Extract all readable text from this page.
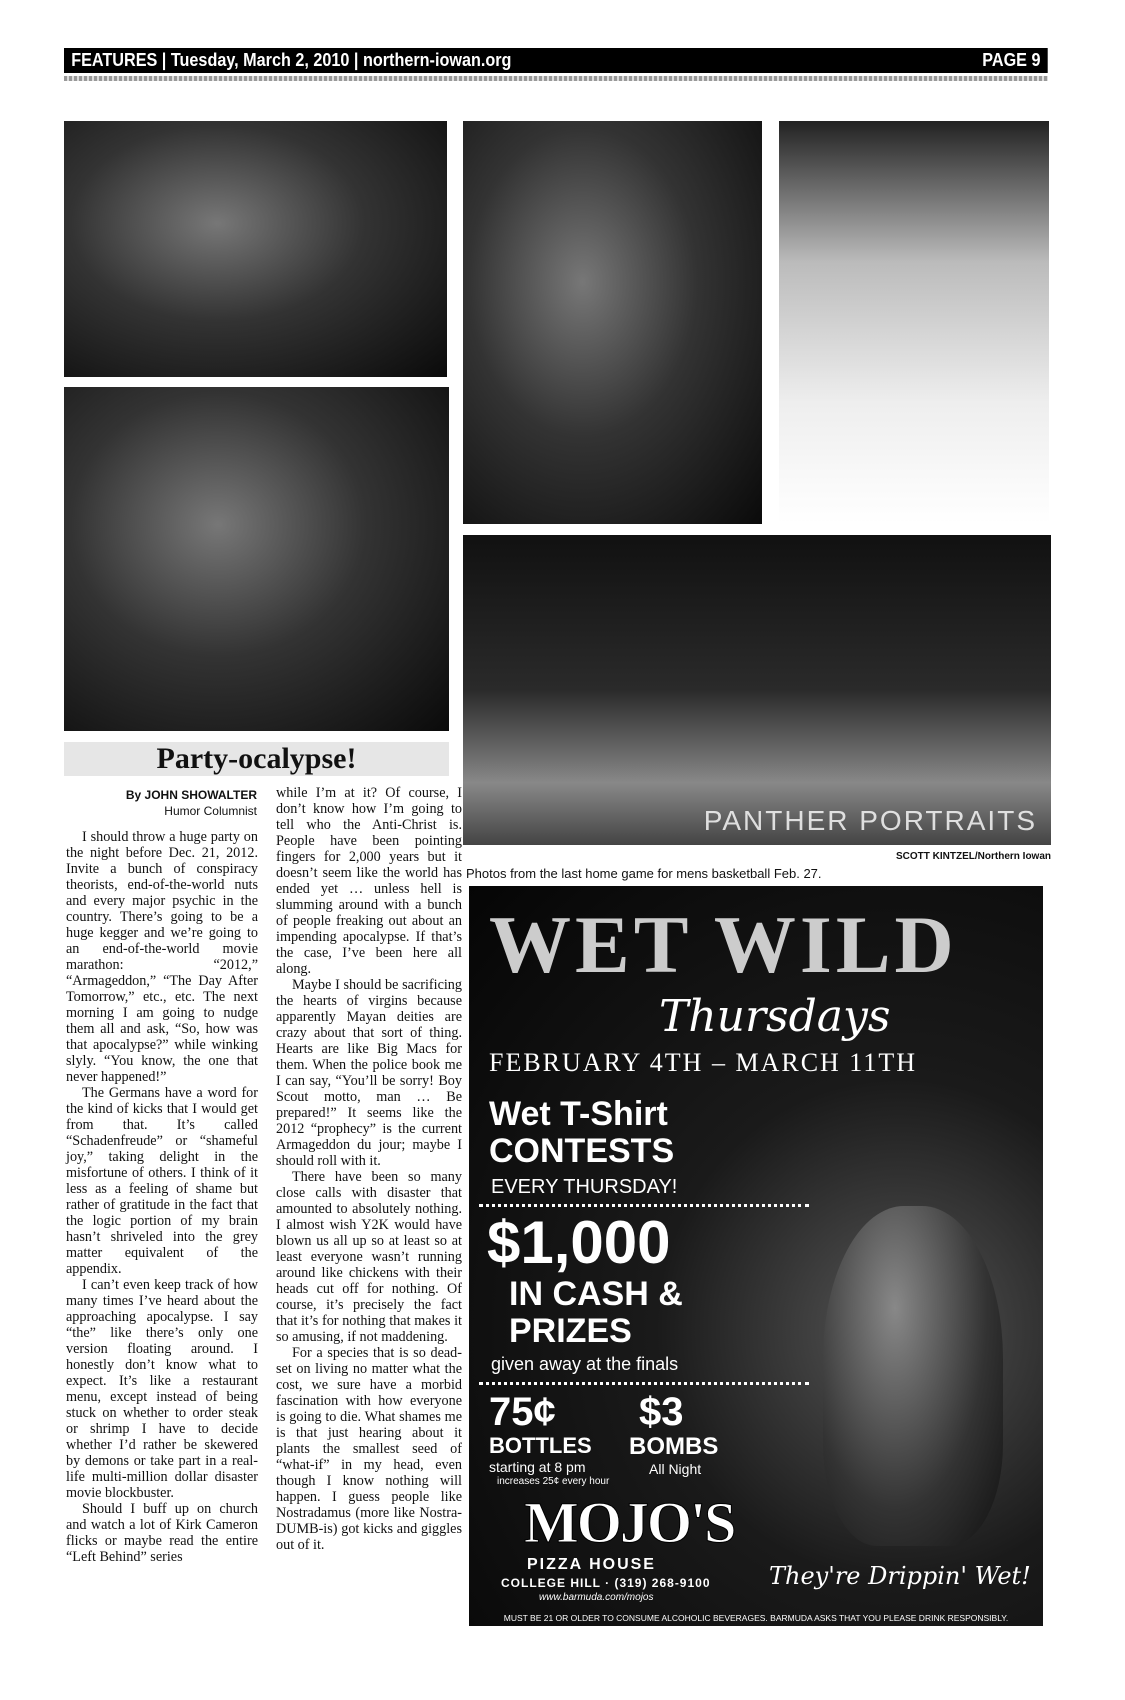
FEATURES | Tuesday, March 2, 2010 | northern-iowan.org	PAGE 9
PANTHER PORTRAITS
SCOTT KINTZEL/Northern Iowan
Photos from the last home game for mens basketball Feb. 27.
Party-ocalypse!
By JOHN SHOWALTER
Humor Columnist

I should throw a huge party on the night before Dec. 21, 2012. Invite a bunch of conspiracy theorists, end-of-the-world nuts and every major psychic in the country. There’s going to be a huge kegger and we’re going to an end-of-the-world movie marathon: “2012,” “Armageddon,” “The Day After Tomorrow,” etc., etc. The next morning I am going to nudge them all and ask, “So, how was that apocalypse?” while winking slyly. “You know, the one that never happened!”

The Germans have a word for the kind of kicks that I would get from that. It’s called “Schadenfreude” or “shameful joy,” taking delight in the misfortune of others. I think of it less as a feeling of shame but rather of gratitude in the fact that the logic portion of my brain hasn’t shriveled into the grey matter equivalent of the appendix.

I can’t even keep track of how many times I’ve heard about the approaching apocalypse. I say “the” like there’s only one version floating around. I honestly don’t know what to expect. It’s like a restaurant menu, except instead of being stuck on whether to order steak or shrimp I have to decide whether I’d rather be skewered by demons or take part in a real-life multi-million dollar disaster movie blockbuster.

Should I buff up on church and watch a lot of Kirk Cameron flicks or maybe read the entire “Left Behind” series

while I’m at it? Of course, I don’t know how I’m going to tell who the Anti-Christ is. People have been pointing fingers for 2,000 years but it doesn’t seem like the world has ended yet … unless hell is slumming around with a bunch of people freaking out about an impending apocalypse. If that’s the case, I’ve been here all along.

Maybe I should be sacrificing the hearts of virgins because apparently Mayan deities are crazy about that sort of thing. Hearts are like Big Macs for them. When the police book me I can say, “You’ll be sorry! Boy Scout motto, man … Be prepared!” It seems like the 2012 “prophecy” is the current Armageddon du jour; maybe I should roll with it.

There have been so many close calls with disaster that amounted to absolutely nothing. I almost wish Y2K would have blown us all up so at least so at least everyone wasn’t running around like chickens with their heads cut off for nothing. Of course, it’s precisely the fact that it’s for nothing that makes it so amusing, if not maddening.

For a species that is so dead-set on living no matter what the cost, we sure have a morbid fascination with how everyone is going to die. What shames me is that just hearing about it plants the smallest seed of “what-if” in my head, even though I know nothing will happen. I guess people like Nostradamus (more like Nostra-DUMB-is) got kicks and giggles out of it.

WET WILD
Thursdays
FEBRUARY 4TH – MARCH 11TH
Wet T-Shirt CONTESTS
EVERY THURSDAY!
$1,000
IN CASH & PRIZES
given away at the finals
75¢
BOTTLES
starting at 8 pm
increases 25¢ every hour
$3
BOMBS
All Night
MOJO'S
PIZZA HOUSE
COLLEGE HILL · (319) 268-9100
www.barmuda.com/mojos
They're Drippin' Wet!
MUST BE 21 OR OLDER TO CONSUME ALCOHOLIC BEVERAGES. BARMUDA ASKS THAT YOU PLEASE DRINK RESPONSIBLY.
